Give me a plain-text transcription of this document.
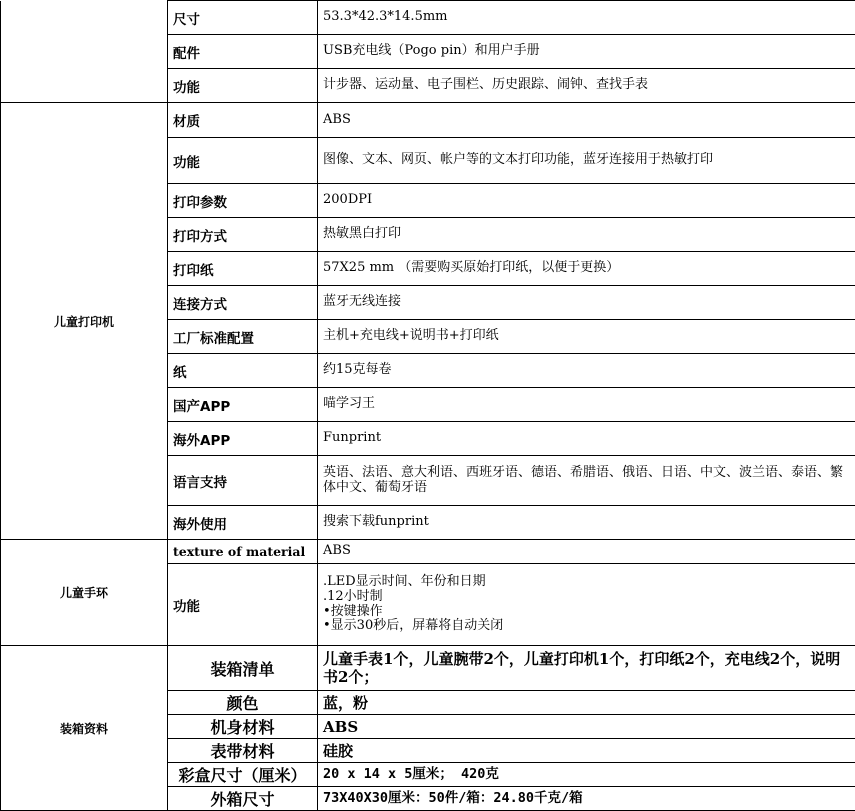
	尺寸	53.3*42.3*14.5mm
	配件	USB充电线（Pogo pin）和用户手册
	功能	计步器、运动量、电子围栏、历史跟踪、闹钟、查找手表
儿童打印机	材质	ABS
	功能	图像、文本、网页、帐户等的文本打印功能，蓝牙连接用于热敏打印
	打印参数	200DPI
	打印方式	热敏黑白打印
	打印纸	57X25 mm （需要购买原始打印纸，以便于更换）
	连接方式	蓝牙无线连接
	工厂标准配置	主机+充电线+说明书+打印纸
	纸	约15克每卷
	国产APP	喵学习王
	海外APP	Funprint
	语言支持	英语、法语、意大利语、西班牙语、德语、希腊语、俄语、日语、中文、波兰语、泰语、繁体中文、葡萄牙语
	海外使用	搜索下载funprint
儿童手环	texture of material	ABS
	功能	.LED显示时间、年份和日期
.12小时制
•按键操作
•显示30秒后，屏幕将自动关闭

装箱资料	装箱清单	儿童手表1个，儿童腕带2个，儿童打印机1个，打印纸2个，充电线2个，说明书2个；
	颜色	蓝，粉
	机身材料	ABS
	表带材料	硅胶
	彩盒尺寸（厘米）	20 x 14 x 5厘米； 420克
	外箱尺寸	73X40X30厘米：50件/箱：24.80千克/箱
